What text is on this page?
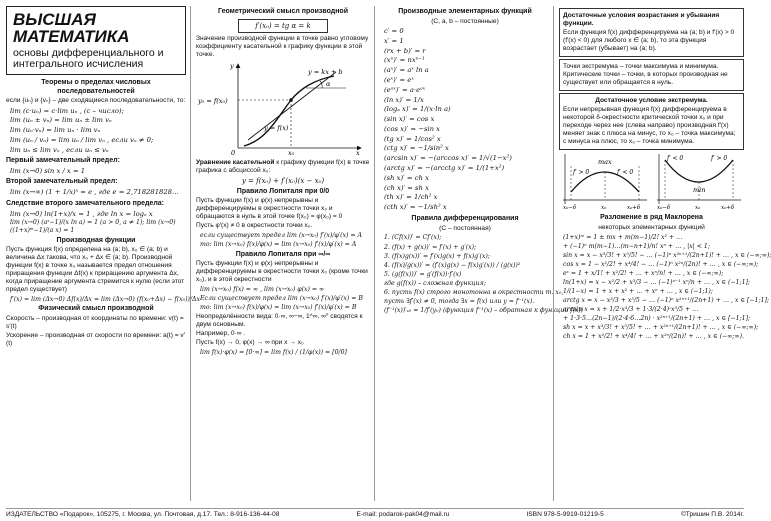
ВЫСШАЯ МАТЕМАТИКА
основы дифференциального и интегрального исчисления
Теоремы о пределах числовых последовательностей
если {uₙ} и {vₙ} – две сходящиеся последовательности, то:
lim (c·uₙ) = c·lim uₙ , (c – число);
lim (uₙ ± vₙ) = lim uₙ ± lim vₙ
lim (uₙ·vₙ) = lim uₙ · lim vₙ
lim (uₙ / vₙ) = lim uₙ / lim vₙ , если vₙ ≠ 0;
lim uₙ ≤ lim vₙ , если uₙ ≤ vₙ
Первый замечательный предел:
lim (x→0) sin x / x = 1
Второй замечательный предел:
lim (x→∞) (1 + 1/x)ˣ = e , где e = 2,718281828…
Следствие второго замечательного предела:
lim (x→0) ln(1+x)/x = 1 , где ln x = logₑ x
lim (x→0) (aˣ−1)/(x ln a) = 1 (a > 0, a ≠ 1); lim (x→0) ((1+x)ᵐ−1)/(a x) = 1
Производная функции
Пусть функция f(x) определена на (a; b), x₀ ∈ (a; b) и величина Δx такова, что x₀ + Δx ∈ (a; b). Производной функции f(x) в точке x₀ называется предел отношения приращения функции Δf(x) к приращению аргумента Δx, когда приращение аргумента стремится к нулю (если этот предел существует)
f′(x) = lim (Δx→0) Δf(x)/Δx = lim (Δx→0) (f(x₀+Δx) − f(x₀))/Δx
Физический смысл производной
Скорость – производная от координаты по времени: v(t) = s′(t)
Ускорение – производная от скорости по времени: a(t) = v′(t)
Геометрический смысл производной
f′(x₀) = tg α = k
Значение производной функции в точке равно угловому коэффициенту касательной к графику функции в этой точке.
y₀ = f(x₀)
y = kx + b
y = f(x)
x₀	x
y
0
α
Уравнение касательной к графику функции f(x) в точке графика с абсциссой x₀:
y = f(x₀) + f′(x₀)(x − x₀)
Правило Лопиталя при 0/0
Пусть функции f(x) и φ(x) непрерывны и дифференцируемы в окрестности точки x₀ и обращаются в нуль в этой точке f(x₀) = φ(x₀) = 0
Пусть φ′(x) ≠ 0 в окрестности точки x₀.
если существует предел lim (x→x₀) f′(x)/φ′(x) = A
то: lim (x→x₀) f(x)/φ(x) = lim (x→x₀) f′(x)/φ′(x) = A
Правило Лопиталя при ∞/∞
Пусть функции f(x) и φ(x) непрерывны и дифференцируемы в окрестности точки x₀ (кроме точки x₀), и в этой окрестности
lim (x→x₀) f(x) = ∞ , lim (x→x₀) φ(x) = ∞
Если существует предел lim (x→x₀) f′(x)/φ′(x) = B
то: lim (x→x₀) f(x)/φ(x) = lim (x→x₀) f′(x)/φ′(x) = B
Неопределённости вида: 0·∞, ∞−∞, 1^∞, ∞⁰ сводятся к двум основным.
Например, 0·∞ .
Пусть f(x) → 0, φ(x) → ∞ при x → x₀
lim f(x)·φ(x) = [0·∞] = lim f(x) / (1/φ(x)) = [0/0]
Производные элементарных функций
(C, a, b – постоянные)
c′ = 0
x′ = 1
(rx + b)′ = r
(xⁿ)′ = nxⁿ⁻¹
(aˣ)′ = aˣ ln a
(eˣ)′ = eˣ
(eᵃˣ)′ = a·eᵃˣ
(ln x)′ = 1/x
(logₐ x)′ = 1/(x·ln a)
(sin x)′ = cos x
(cos x)′ = −sin x
(tg x)′ = 1/cos² x
(ctg x)′ = −1/sin² x
(arcsin x)′ = −(arccos x)′ = 1/√(1−x²)
(arctg x)′ = −(arcctg x)′ = 1/(1+x²)
(sh x)′ = ch x
(ch x)′ = sh x
(th x)′ = 1/ch² x
(cth x)′ = −1/sh² x
Правила дифференцирования
(C – постоянная)
1. (Cf(x))′ = Cf′(x);
2. (f(x) + g(x))′ = f′(x) + g′(x);
3. (f(x)g(x))′ = f′(x)g(x) + f(x)g′(x);
4. (f(x)/g(x))′ = (f′(x)g(x) − f(x)g′(x)) / (g(x))²
5. (g(f(x)))′ = g′(f(x))·f′(x)
где g(f(x)) – сложная функция;
6. пусть f(x) строго монотонна в окрестности т. x₀,
пусть ∃f′(x) ≠ 0, тогда ∃x = f(x) или y = f⁻¹(x).
(f⁻¹(x))′ₓ₀ = 1/f′(y₀) (функция f⁻¹(x) – обратная к функции f(x))
Достаточные условия возрастания и убывания функции.
Если функция f(x) дифференцируема на (a; b) и f′(x) > 0 (f′(x) < 0) для любого x ∈ (a; b), то эта функция возрастает (убывает) на (a; b).
Точки экстремума – точки максимума и минимума. Критические точки – точки, в которых производная не существует или обращается в нуль.
Достаточное условие экстремума.
Если непрерывная функция f(x) дифференцируема в некоторой δ-окрестности критической точки x₀ и при переходе через нее (слева направо) производная f′(x) меняет знак с плюса на минус, то x₀ – точка максимума; с минуса на плюс, то x₀ – точка минимума.
max
f′ > 0	f′ < 0
x₀−δ	x₀	x₀+δ
min
f′ < 0	f′ > 0
x₀−δ	x₀	x₀+δ
Разложение в ряд Маклорена
некоторых элементарных функций
(1+x)ᵐ = 1 ± mx + m(m−1)/2! x² + …
+ (−1)ⁿ m(m−1)…(m−n+1)/n! xⁿ + … , |x| < 1;
sin x = x − x³/3! + x⁵/5! − … (−1)ⁿ x²ⁿ⁺¹/(2n+1)! + … , x ∈ (−∞;∞);
cos x = 1 − x²/2! + x⁴/4! − … (−1)ⁿ x²ⁿ/(2n)! + … , x ∈ (−∞;∞);
eˣ = 1 + x/1! + x²/2! + … + xⁿ/n! + … , x ∈ (−∞;∞);
ln(1+x) = x − x²/2 + x³/3 − … (−1)ⁿ⁻¹ xⁿ/n + … , x ∈ (−1;1];
1/(1−x) = 1 + x + x² + … + xⁿ + … , x ∈ (−1;1);
arctg x = x − x³/3 + x⁵/5 − … (−1)ⁿ x²ⁿ⁺¹/(2n+1) + … , x ∈ [−1;1];
arcsin x = x + 1/2·x³/3 + 1·3/(2·4)·x⁵/5 + …
+ 1·3·5…(2n−1)/(2·4·6…2n) · x²ⁿ⁺¹/(2n+1) + … , x ∈ [−1;1];
sh x = x + x³/3! + x⁵/5! + … + x²ⁿ⁺¹/(2n+1)! + … , x ∈ (−∞;∞);
ch x = 1 + x²/2! + x⁴/4! + … + x²ⁿ/(2n)! + … , x ∈ (−∞;∞).
ИЗДАТЕЛЬСТВО «Подарок», 105275, г. Москва, ул. Почтовая, д.17. Тел.: 8-916-136-44-08	E-mail: podarok-pak04@mail.ru	ISBN 978-5-9919-01219-5	©Тришин П.В. 2014г.
